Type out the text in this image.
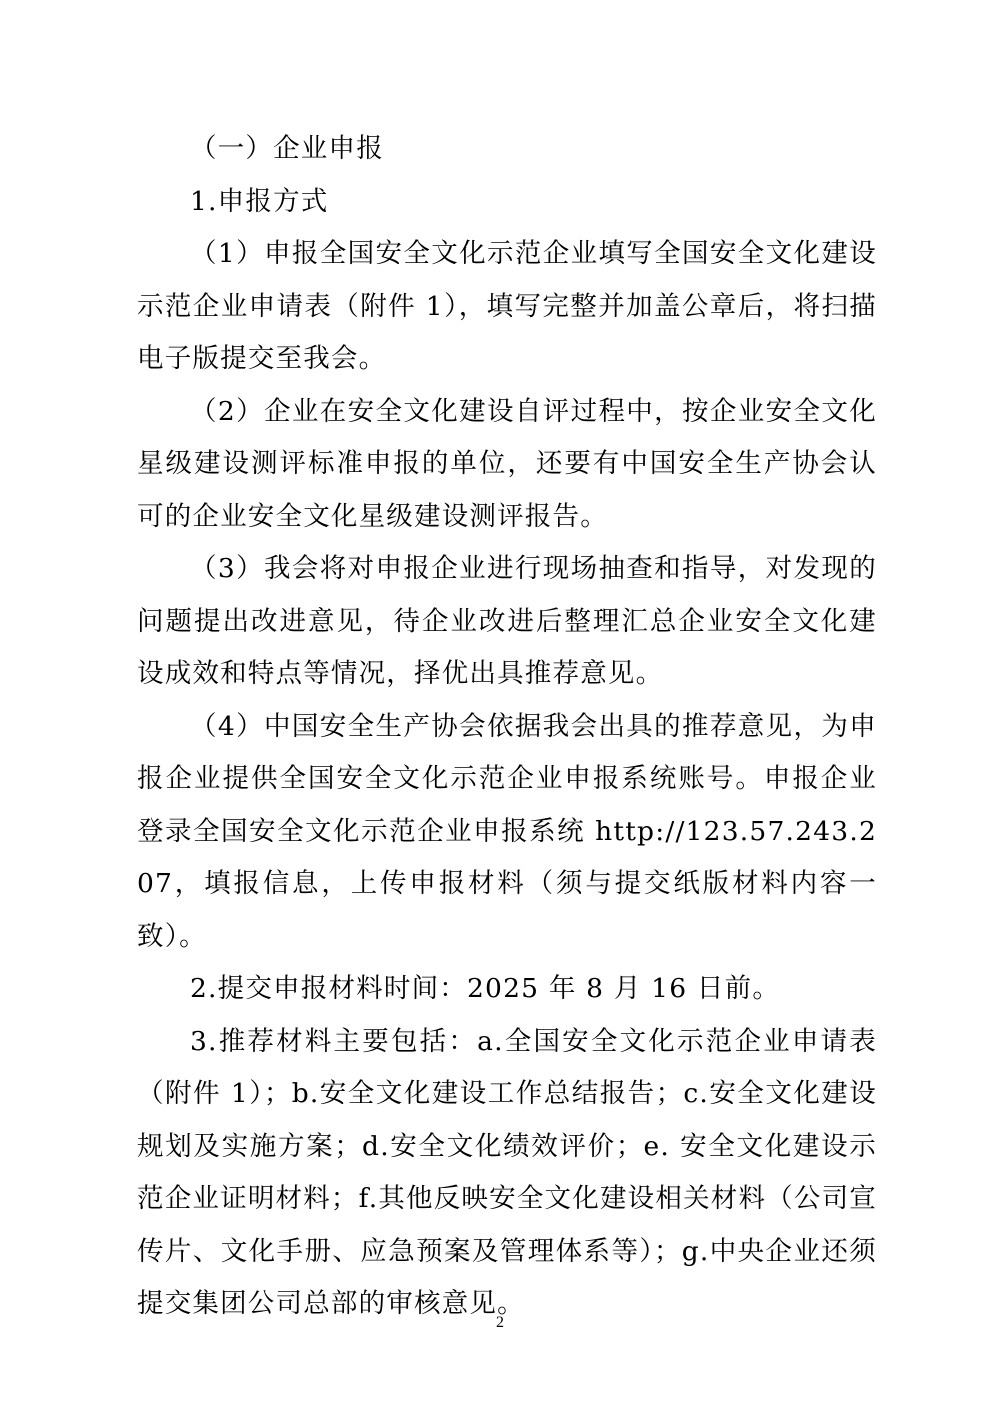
（一）企业申报

1.申报方式

（1）申报全国安全文化示范企业填写全国安全文化建设示范企业申请表（附件 1），填写完整并加盖公章后，将扫描电子版提交至我会。

（2）企业在安全文化建设自评过程中，按企业安全文化星级建设测评标准申报的单位，还要有中国安全生产协会认可的企业安全文化星级建设测评报告。

（3）我会将对申报企业进行现场抽查和指导，对发现的问题提出改进意见，待企业改进后整理汇总企业安全文化建设成效和特点等情况，择优出具推荐意见。

（4）中国安全生产协会依据我会出具的推荐意见，为申报企业提供全国安全文化示范企业申报系统账号。申报企业登录全国安全文化示范企业申报系统 http://123.57.243.207，填报信息，上传申报材料（须与提交纸版材料内容一致）。

2.提交申报材料时间：2025 年 8 月 16 日前。

3.推荐材料主要包括：a.全国安全文化示范企业申请表（附件 1）；b.安全文化建设工作总结报告；c.安全文化建设规划及实施方案；d.安全文化绩效评价；e. 安全文化建设示范企业证明材料；f.其他反映安全文化建设相关材料（公司宣传片、文化手册、应急预案及管理体系等）；g.中央企业还须提交集团公司总部的审核意见。

2
